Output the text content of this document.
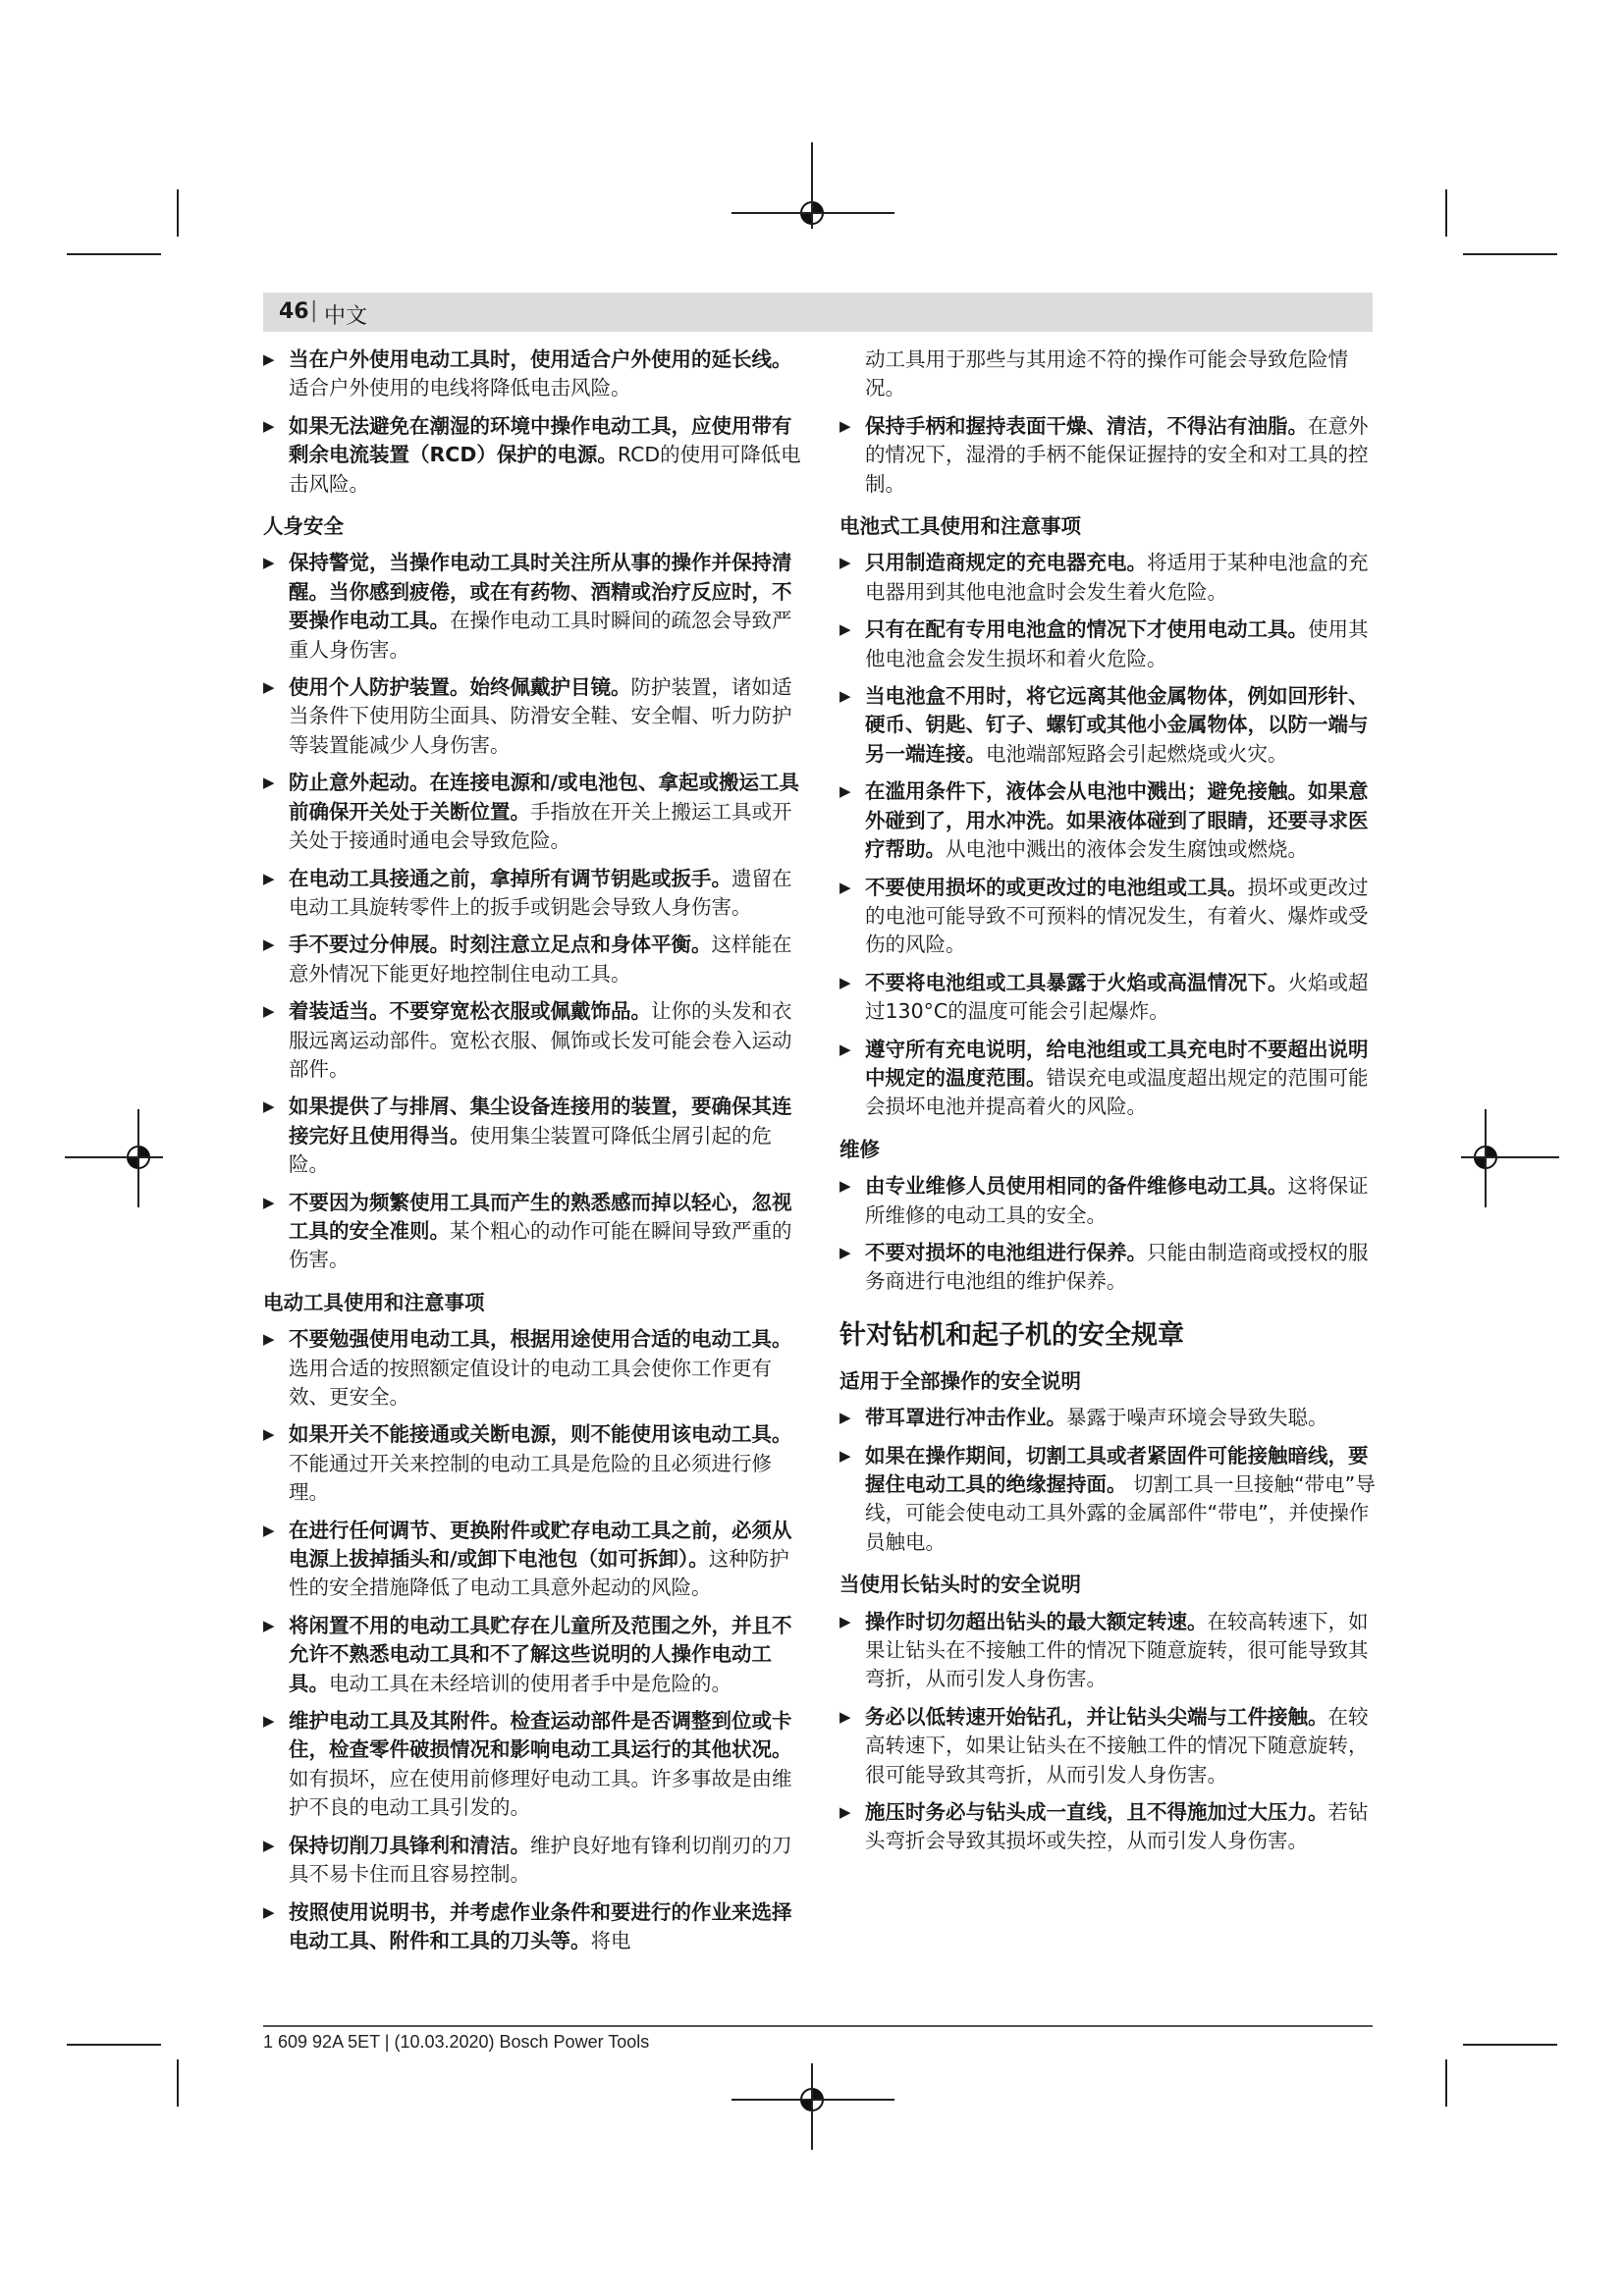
46 | 中文
▶ 当在户外使用电动工具时，使用适合户外使用的延长线。适合户外使用的电线将降低电击风险。
▶ 如果无法避免在潮湿的环境中操作电动工具，应使用带有剩余电流装置（RCD）保护的电源。RCD的使用可降低电击风险。
人身安全
▶ 保持警觉，当操作电动工具时关注所从事的操作并保持清醒。当你感到疲倦，或在有药物、酒精或治疗反应时，不要操作电动工具。在操作电动工具时瞬间的疏忽会导致严重人身伤害。
▶ 使用个人防护装置。始终佩戴护目镜。防护装置，诸如适当条件下使用防尘面具、防滑安全鞋、安全帽、听力防护等装置能减少人身伤害。
▶ 防止意外起动。在连接电源和/或电池包、拿起或搬运工具前确保开关处于关断位置。手指放在开关上搬运工具或开关处于接通时通电会导致危险。
▶ 在电动工具接通之前，拿掉所有调节钥匙或扳手。遗留在电动工具旋转零件上的扳手或钥匙会导致人身伤害。
▶ 手不要过分伸展。时刻注意立足点和身体平衡。这样能在意外情况下能更好地控制住电动工具。
▶ 着装适当。不要穿宽松衣服或佩戴饰品。让你的头发和衣服远离运动部件。宽松衣服、佩饰或长发可能会卷入运动部件。
▶ 如果提供了与排屑、集尘设备连接用的装置，要确保其连接完好且使用得当。使用集尘装置可降低尘屑引起的危险。
▶ 不要因为频繁使用工具而产生的熟悉感而掉以轻心，忽视工具的安全准则。某个粗心的动作可能在瞬间导致严重的伤害。
电动工具使用和注意事项
▶ 不要勉强使用电动工具，根据用途使用合适的电动工具。选用合适的按照额定值设计的电动工具会使你工作更有效、更安全。
▶ 如果开关不能接通或关断电源，则不能使用该电动工具。不能通过开关来控制的电动工具是危险的且必须进行修理。
▶ 在进行任何调节、更换附件或贮存电动工具之前，必须从电源上拔掉插头和/或卸下电池包（如可拆卸）。这种防护性的安全措施降低了电动工具意外起动的风险。
▶ 将闲置不用的电动工具贮存在儿童所及范围之外，并且不允许不熟悉电动工具和不了解这些说明的人操作电动工具。电动工具在未经培训的使用者手中是危险的。
▶ 维护电动工具及其附件。检查运动部件是否调整到位或卡住，检查零件破损情况和影响电动工具运行的其他状况。如有损坏，应在使用前修理好电动工具。许多事故是由维护不良的电动工具引发的。
▶ 保持切削刀具锋利和清洁。维护良好地有锋利切削刃的刀具不易卡住而且容易控制。
▶ 按照使用说明书，并考虑作业条件和要进行的作业来选择电动工具、附件和工具的刀头等。将电
动工具用于那些与其用途不符的操作可能会导致危险情况。
▶ 保持手柄和握持表面干燥、清洁，不得沾有油脂。在意外的情况下，湿滑的手柄不能保证握持的安全和对工具的控制。
电池式工具使用和注意事项
▶ 只用制造商规定的充电器充电。将适用于某种电池盒的充电器用到其他电池盒时会发生着火危险。
▶ 只有在配有专用电池盒的情况下才使用电动工具。使用其他电池盒会发生损坏和着火危险。
▶ 当电池盒不用时，将它远离其他金属物体，例如回形针、硬币、钥匙、钉子、螺钉或其他小金属物体，以防一端与另一端连接。电池端部短路会引起燃烧或火灾。
▶ 在滥用条件下，液体会从电池中溅出；避免接触。如果意外碰到了，用水冲洗。如果液体碰到了眼睛，还要寻求医疗帮助。从电池中溅出的液体会发生腐蚀或燃烧。
▶ 不要使用损坏的或更改过的电池组或工具。损坏或更改过的电池可能导致不可预料的情况发生，有着火、爆炸或受伤的风险。
▶ 不要将电池组或工具暴露于火焰或高温情况下。火焰或超过130°C的温度可能会引起爆炸。
▶ 遵守所有充电说明，给电池组或工具充电时不要超出说明中规定的温度范围。错误充电或温度超出规定的范围可能会损坏电池并提高着火的风险。
维修
▶ 由专业维修人员使用相同的备件维修电动工具。这将保证所维修的电动工具的安全。
▶ 不要对损坏的电池组进行保养。只能由制造商或授权的服务商进行电池组的维护保养。
针对钻机和起子机的安全规章
适用于全部操作的安全说明
▶ 带耳罩进行冲击作业。暴露于噪声环境会导致失聪。
▶ 如果在操作期间，切割工具或者紧固件可能接触暗线，要握住电动工具的绝缘握持面。 切割工具一旦接触“带电”导线，可能会使电动工具外露的金属部件“带电”，并使操作员触电。
当使用长钻头时的安全说明
▶ 操作时切勿超出钻头的最大额定转速。在较高转速下，如果让钻头在不接触工件的情况下随意旋转，很可能导致其弯折，从而引发人身伤害。
▶ 务必以低转速开始钻孔，并让钻头尖端与工件接触。在较高转速下，如果让钻头在不接触工件的情况下随意旋转，很可能导致其弯折，从而引发人身伤害。
▶ 施压时务必与钻头成一直线，且不得施加过大压力。若钻头弯折会导致其损坏或失控，从而引发人身伤害。
1 609 92A 5ET | (10.03.2020) Bosch Power Tools
